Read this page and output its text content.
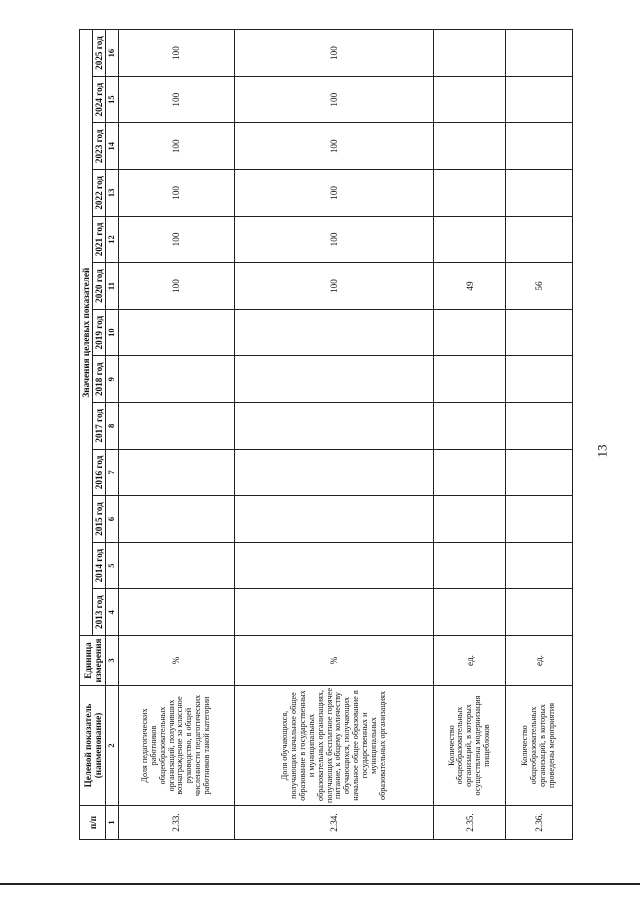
13
п/п	Целевой показатель (наименование)	Единица измерения	Значения целевых показателей												
			2013 год	2014 год	2015 год	2016 год	2017 год	2018 год	2019 год	2020 год	2021 год	2022 год	2023 год	2024 год	2025 год
1	2	3	4	5	6	7	8	9	10	11	12	13	14	15	16
2.33.	Доля педагогических работников общеобразовательных организаций, получивших вознаграждение за классное руководство, в общей численности педагогических работников такой категории	%								100	100	100	100	100	100
2.34.	Доля обучающихся, получающих начальное общее образование в государственных и муниципальных образовательных организациях, получающих бесплатное горячее питание, к общему количеству обучающихся, получающих начальное общее образование в государственных и муниципальных образовательных организациях	%								100	100	100	100	100	100
2.35.	Количество общеобразовательных организаций, в которых осуществлена модернизация пищеблоков	ед.								49					
2.36.	Количество общеобразовательных организаций, в которых проведены мероприятия	ед.								56					
